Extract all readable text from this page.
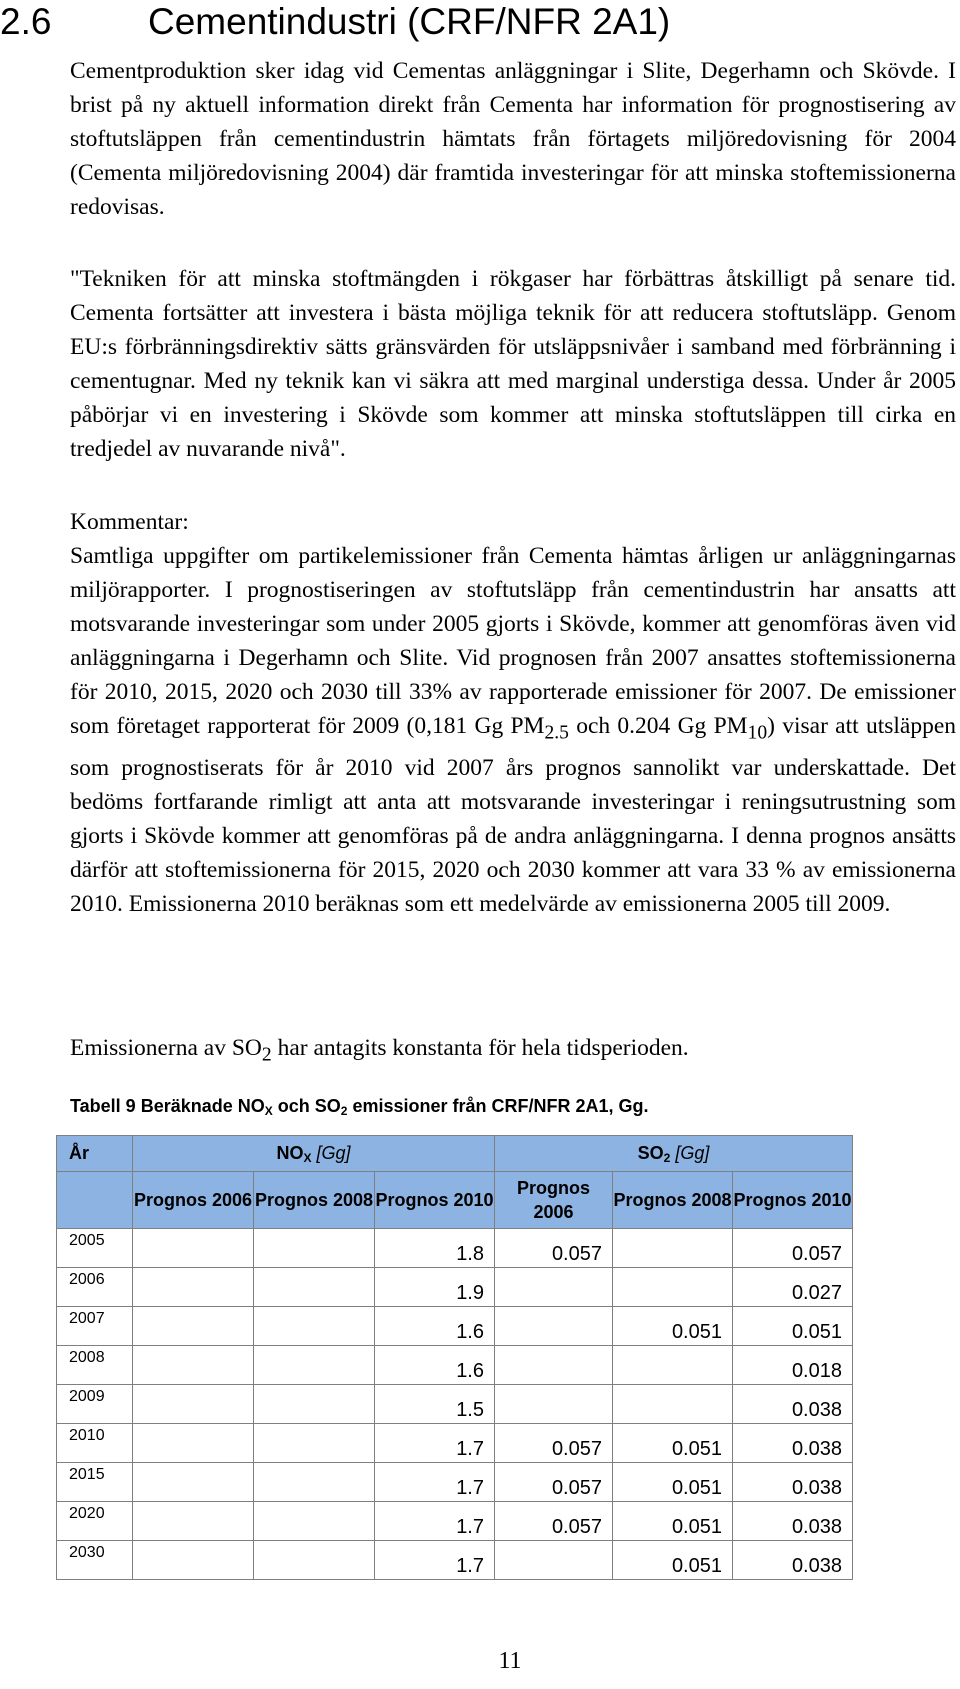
2.6	Cementindustri (CRF/NFR 2A1)

Cementproduktion sker idag vid Cementas anläggningar i Slite, Degerhamn och Skövde. I brist på ny aktuell information direkt från Cementa har information för prognostisering av stoftutsläppen från cementindustrin hämtats från förtagets miljöredovisning för 2004 (Cementa miljöredovisning 2004) där framtida investeringar för att minska stoftemissionerna redovisas.

"Tekniken för att minska stoftmängden i rökgaser har förbättras åtskilligt på senare tid. Cementa fortsätter att investera i bästa möjliga teknik för att reducera stoftutsläpp. Genom EU:s förbränningsdirektiv sätts gränsvärden för utsläppsnivåer i samband med förbränning i cementugnar. Med ny teknik kan vi säkra att med marginal understiga dessa. Under år 2005 påbörjar vi en investering i Skövde som kommer att minska stoftutsläppen till cirka en tredjedel av nuvarande nivå".

Kommentar:

Samtliga uppgifter om partikelemissioner från Cementa hämtas årligen ur anläggningarnas miljörapporter. I prognostiseringen av stoftutsläpp från cementindustrin har ansatts att motsvarande investeringar som under 2005 gjorts i Skövde, kommer att genomföras även vid anläggningarna i Degerhamn och Slite. Vid prognosen från 2007 ansattes stoftemissionerna för 2010, 2015, 2020 och 2030 till 33% av rapporterade emissioner för 2007. De emissioner som företaget rapporterat för 2009 (0,181 Gg $PM_{2.5}$ och 0.204 Gg $PM_{10}$) visar att utsläppen som prognostiserats för år 2010 vid 2007 års prognos sannolikt var underskattade. Det bedöms fortfarande rimligt att anta att motsvarande investeringar i reningsutrustning som gjorts i Skövde kommer att genomföras på de andra anläggningarna. I denna prognos ansätts därför att stoftemissionerna för 2015, 2020 och 2030 kommer att vara 33 % av emissionerna 2010. Emissionerna 2010 beräknas som ett medelvärde av emissionerna 2005 till 2009.

Emissionerna av $SO_2$ har antagits konstanta för hela tidsperioden.

Tabell 9 Beräknade $NO_X$ och $SO_2$ emissioner från CRF/NFR 2A1, Gg.

År	$NO_X$ [Gg]			$SO_2$ [Gg]		
	Prognos 2006	Prognos 2008	Prognos 2010	Prognos 2006	Prognos 2008	Prognos 2010
2005			1.8	0.057		0.057
2006			1.9			0.027
2007			1.6		0.051	0.051
2008			1.6			0.018
2009			1.5			0.038
2010			1.7	0.057	0.051	0.038
2015			1.7	0.057	0.051	0.038
2020			1.7	0.057	0.051	0.038
2030			1.7		0.051	0.038
11
